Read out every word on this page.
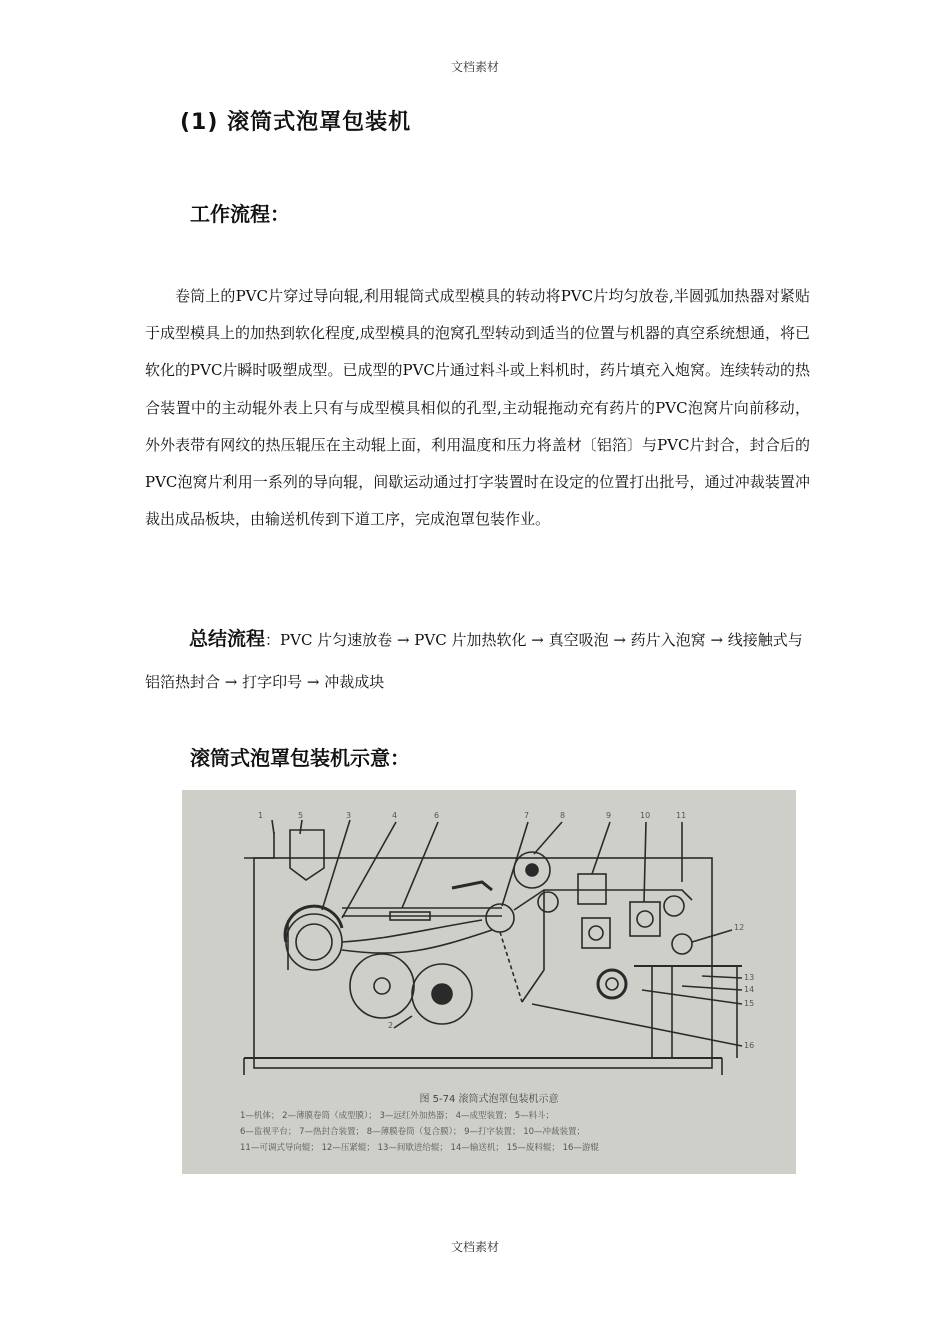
文档素材
(1) 滚筒式泡罩包装机
工作流程：

卷筒上的PVC片穿过导向辊,利用辊筒式成型模具的转动将PVC片均匀放卷,半圆弧加热器对紧贴于成型模具上的加热到软化程度,成型模具的泡窝孔型转动到适当的位置与机器的真空系统想通，将已软化的PVC片瞬时吸塑成型。已成型的PVC片通过料斗或上料机时，药片填充入炮窝。连续转动的热合装置中的主动辊外表上只有与成型模具相似的孔型,主动辊拖动充有药片的PVC泡窝片向前移动，外外表带有网纹的热压辊压在主动辊上面，利用温度和压力将盖材〔铝箔〕与PVC片封合，封合后的PVC泡窝片利用一系列的导向辊，间歇运动通过打字装置时在设定的位置打出批号，通过冲裁装置冲裁出成品板块，由输送机传到下道工序，完成泡罩包装作业。

总结流程：PVC 片匀速放卷 → PVC 片加热软化 → 真空吸泡 → 药片入泡窝 → 线接触式与铝箔热封合 → 打字印号 → 冲裁成块

滚筒式泡罩包装机示意：
1
2
3	4
5	6	7	8	9	10	11
12
13
14
15
16
图 5-74 滚筒式泡罩包装机示意
1—机体； 2—薄膜卷筒（成型膜）； 3—远红外加热器； 4—成型装置； 5—料斗；
6—监视平台； 7—热封合装置； 8—薄膜卷筒（复合膜）； 9—打字装置； 10—冲裁装置；
11—可调式导向辊； 12—压紧辊； 13—间歇进给辊； 14—输送机； 15—废料辊； 16—游辊
文档素材
